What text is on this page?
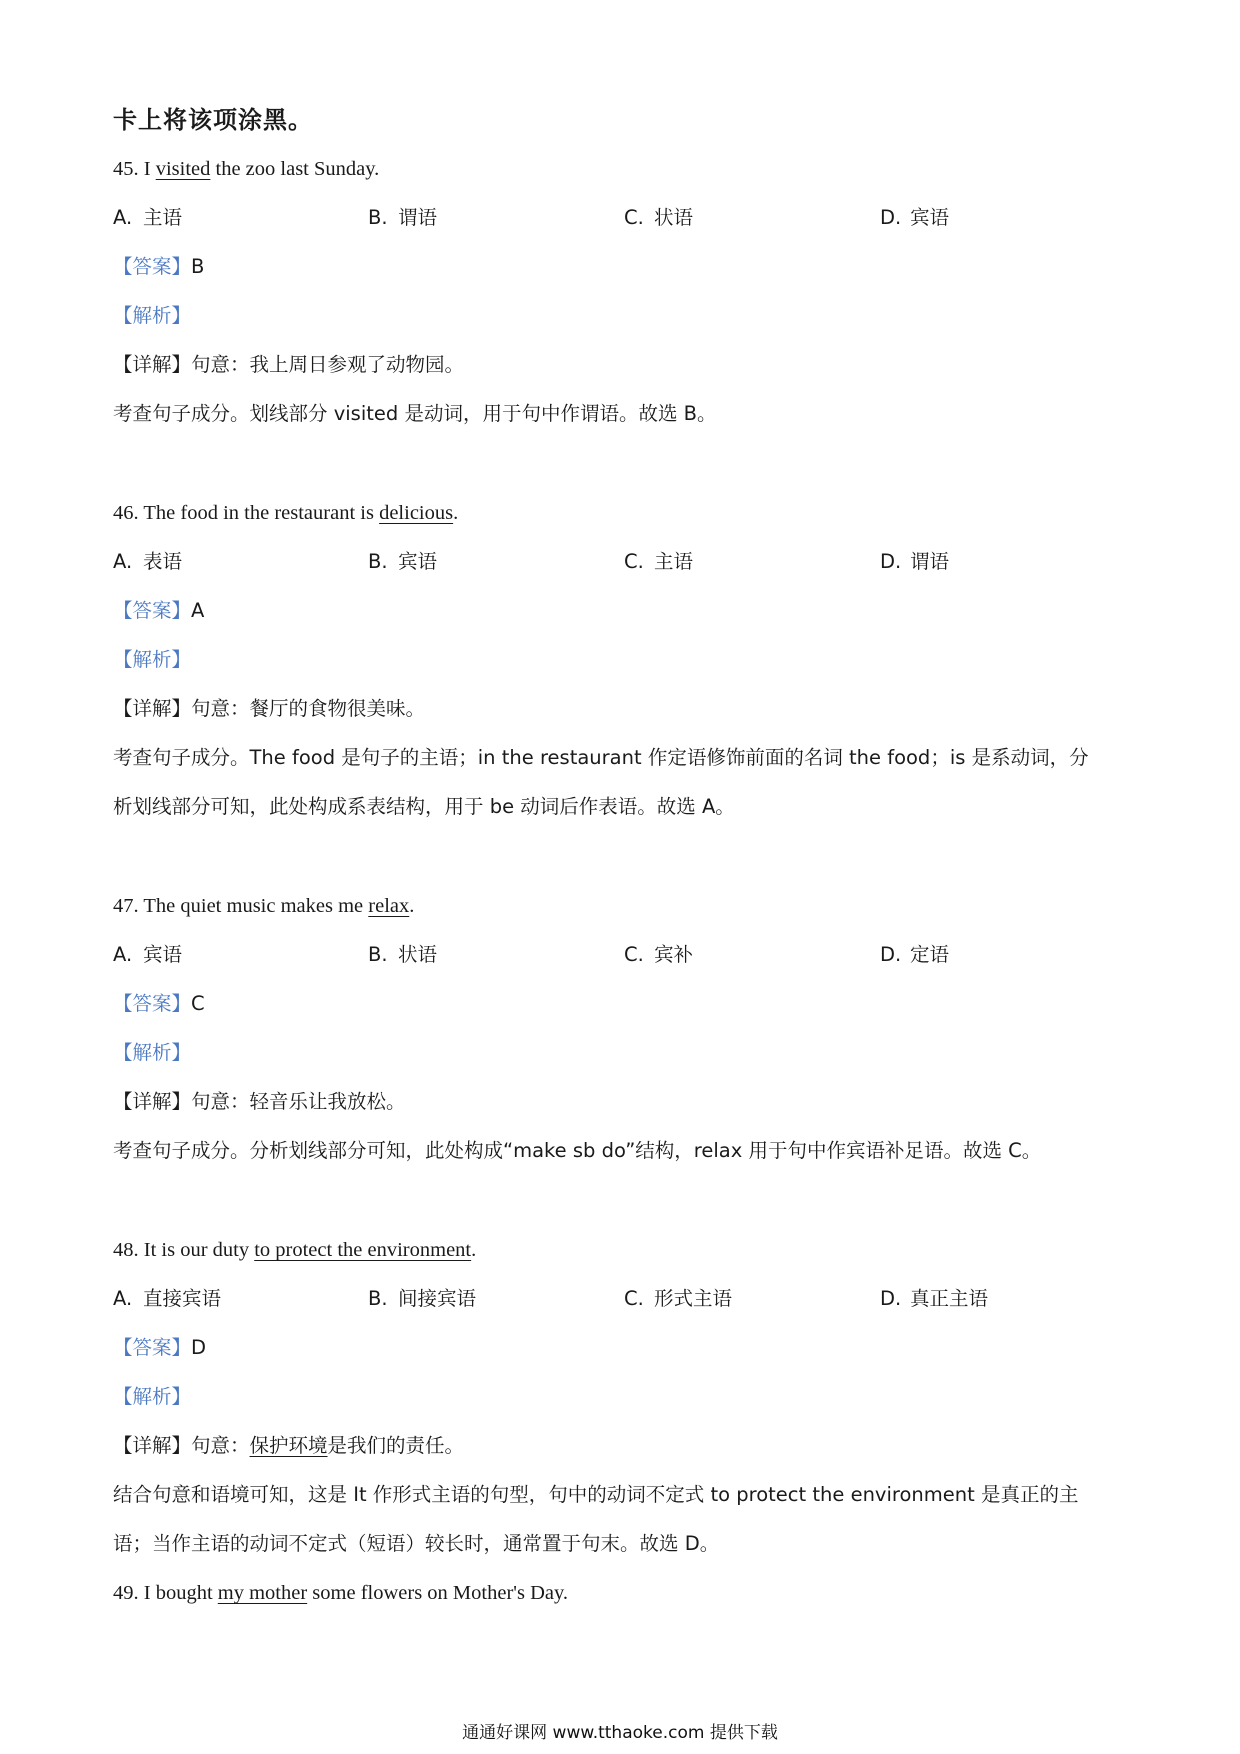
卡上将该项涂黑。
45. I visited the zoo last Sunday.
A. 主语	B. 谓语	C. 状语	D. 宾语
【答案】B
【解析】
【详解】句意：我上周日参观了动物园。
考查句子成分。划线部分 visited 是动词，用于句中作谓语。故选 B。
46. The food in the restaurant is delicious.
A. 表语	B. 宾语	C. 主语	D. 谓语
【答案】A
【解析】
【详解】句意：餐厅的食物很美味。
考查句子成分。The food 是句子的主语；in the restaurant 作定语修饰前面的名词 the food；is 是系动词，分
析划线部分可知，此处构成系表结构，用于 be 动词后作表语。故选 A。
47. The quiet music makes me relax.
A. 宾语	B. 状语	C. 宾补	D. 定语
【答案】C
【解析】
【详解】句意：轻音乐让我放松。
考查句子成分。分析划线部分可知，此处构成“make sb do”结构，relax 用于句中作宾语补足语。故选 C。
48. It is our duty to protect the environment.
A. 直接宾语	B. 间接宾语	C. 形式主语	D. 真正主语
【答案】D
【解析】
【详解】句意：保护环境是我们的责任。
结合句意和语境可知，这是 It 作形式主语的句型，句中的动词不定式 to protect the environment 是真正的主
语；当作主语的动词不定式（短语）较长时，通常置于句末。故选 D。
49. I bought my mother some flowers on Mother's Day.
通通好课网 www.tthaoke.com 提供下载
